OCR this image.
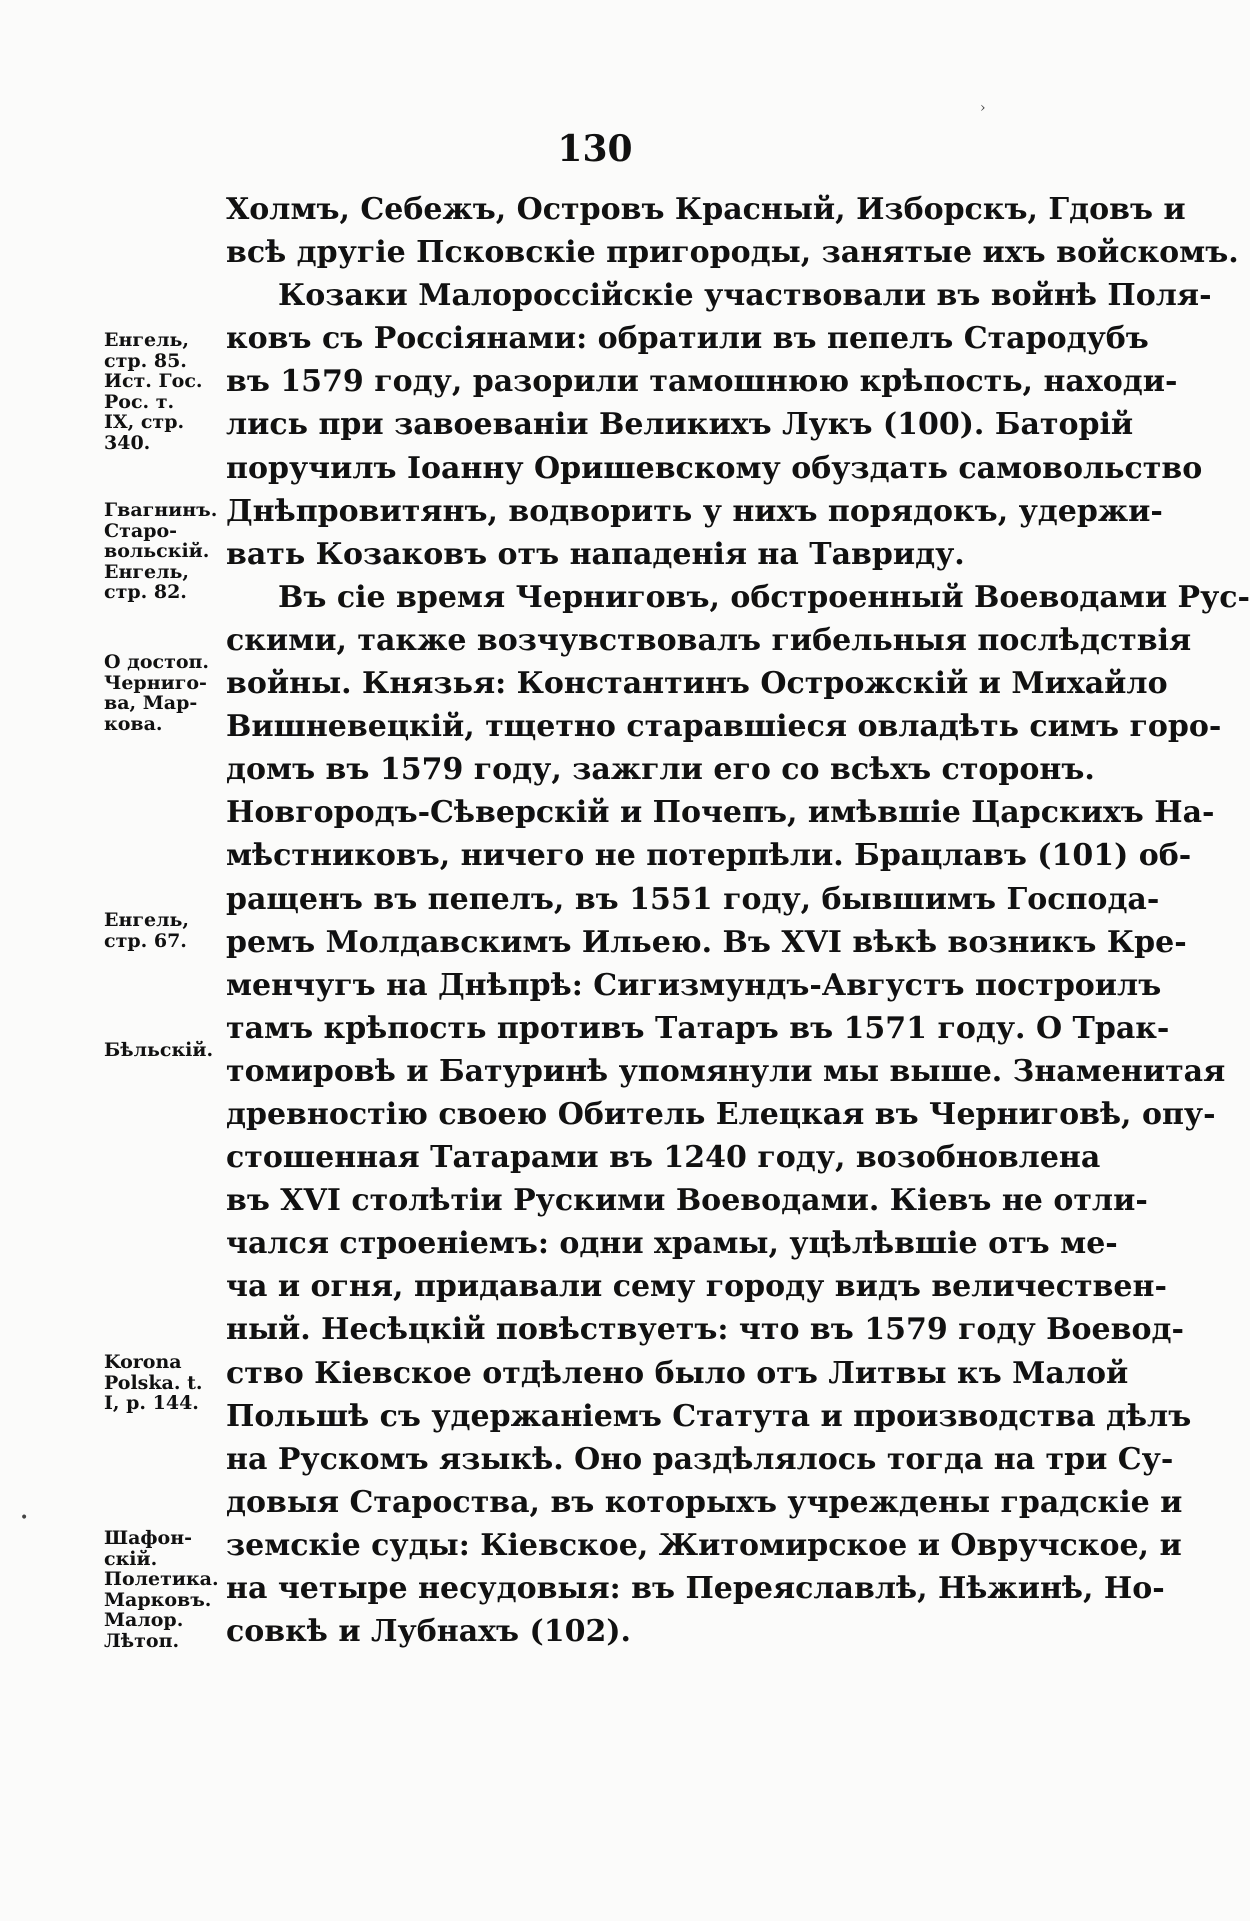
130
Холмъ, Себежъ, Островъ Красный, Изборскъ, Гдовъ и
всѣ другіе Псковскіе пригороды, занятые ихъ войскомъ.
Козаки Малороссійскіе участвовали въ войнѣ Поля-
ковъ съ Россіянами: обратили въ пепелъ Стародубъ
въ 1579 году, разорили тамошнюю крѣпость, находи-
лись при завоеваніи Великихъ Лукъ (100). Баторій
поручилъ Іоанну Оришевскому обуздать самовольство
Днѣпровитянъ, водворить у нихъ порядокъ, удержи-
вать Козаковъ отъ нападенія на Тавриду.
Въ сіе время Черниговъ, обстроенный Воеводами Рус-
скими, также возчувствовалъ гибельныя послѣдствія
войны. Князья: Константинъ Острожскій и Михайло
Вишневецкій, тщетно старавшіеся овладѣть симъ горо-
домъ въ 1579 году, зажгли его со всѣхъ сторонъ.
Новгородъ-Сѣверскій и Почепъ, имѣвшіе Царскихъ На-
мѣстниковъ, ничего не потерпѣли. Брацлавъ (101) об-
ращенъ въ пепелъ, въ 1551 году, бывшимъ Господа-
ремъ Молдавскимъ Ильею. Въ XVI вѣкѣ возникъ Кре-
менчугъ на Днѣпрѣ: Сигизмундъ-Августъ построилъ
тамъ крѣпость противъ Татаръ въ 1571 году. О Трак-
томировѣ и Батуринѣ упомянули мы выше. Знаменитая
древностію своею Обитель Елецкая въ Черниговѣ, опу-
стошенная Татарами въ 1240 году, возобновлена
въ XVI столѣтіи Рускими Воеводами. Кіевъ не отли-
чался строеніемъ: одни храмы, уцѣлѣвшіе отъ ме-
ча и огня, придавали сему городу видъ величествен-
ный. Несѣцкій повѣствуетъ: что въ 1579 году Воевод-
ство Кіевское отдѣлено было отъ Литвы къ Малой
Польшѣ съ удержаніемъ Статута и производства дѣлъ
на Рускомъ языкѣ. Оно раздѣлялось тогда на три Су-
довыя Староства, въ которыхъ учреждены градскіе и
земскіе суды: Кіевское, Житомирское и Овручское, и
на четыре несудовыя: въ Переяславлѣ, Нѣжинѣ, Но-
совкѣ и Лубнахъ (102).
Енгель,
стр. 85.
Ист. Гос.
Рос. т.
IX, стр.
340.
Гвагнинъ.
Старо-
вольскій.
Енгель,
стр. 82.
О достоп.
Черниго-
ва, Мар-
кова.
Енгель,
стр. 67.
Бѣльскій.
Korona
Polska. t.
I, p. 144.
Шафон-
скій.
Полетика.
Марковъ.
Малор.
Лѣтоп.
›
•
